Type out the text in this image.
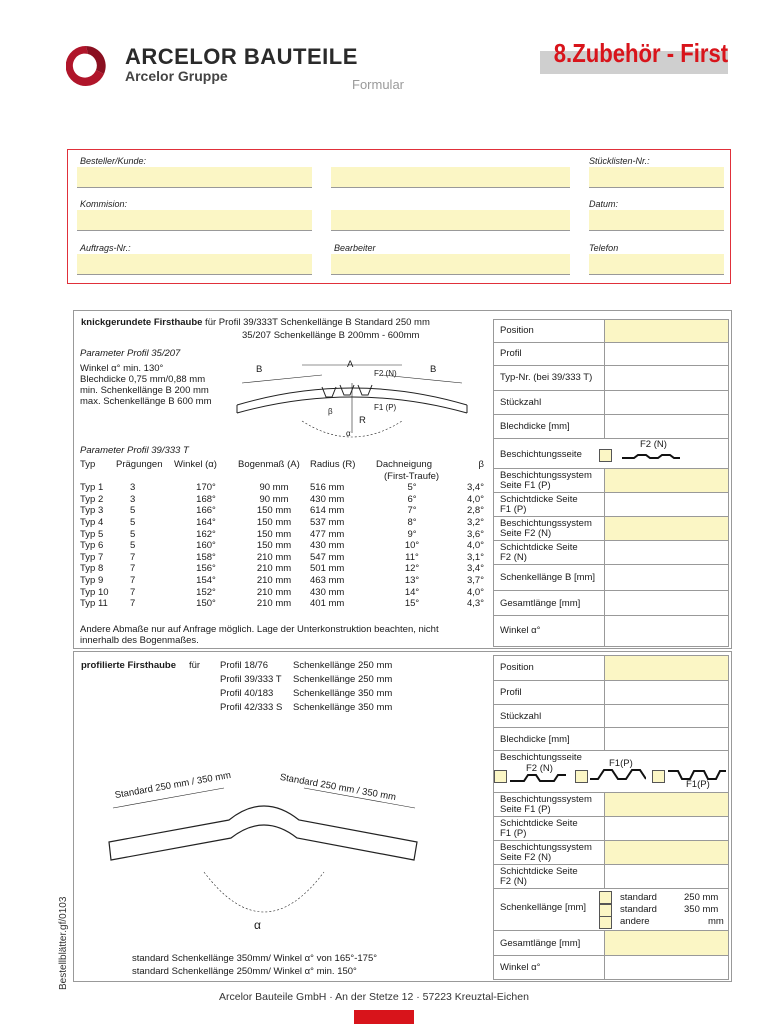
ARCELOR BAUTEILE
Arcelor Gruppe
8.Zubehör - First
Formular
Besteller/Kunde:	Stücklisten-Nr.:
Kommision:	Datum:
Auftrags-Nr.:	Bearbeiter	Telefon
knickgerundete Firsthaube für Profil 39/333T Schenkellänge B Standard 250 mm
35/207 Schenkellänge B 200mm - 600mm
Parameter Profil 35/207
Winkel α° min. 130°
Blechdicke 0,75 mm/0,88 mm
min. Schenkellänge B 200 mm
max. Schenkellänge B 600 mm
B	A	B
F2 (N)
F1 (P)
β
R
α
Parameter Profil 39/333 T
Typ	Prägungen	Winkel (α)	Bogenmaß (A)	Radius (R)	Dachneigung	β
					(First-Traufe)	
Typ 1	3	170°	90 mm	516 mm	5°	3,4°
Typ 2	3	168°	90 mm	430 mm	6°	4,0°
Typ 3	5	166°	150 mm	614 mm	7°	2,8°
Typ 4	5	164°	150 mm	537 mm	8°	3,2°
Typ 5	5	162°	150 mm	477 mm	9°	3,6°
Typ 6	5	160°	150 mm	430 mm	10°	4,0°
Typ 7	7	158°	210 mm	547 mm	11°	3,1°
Typ 8	7	156°	210 mm	501 mm	12°	3,4°
Typ 9	7	154°	210 mm	463 mm	13°	3,7°
Typ 10	7	152°	210 mm	430 mm	14°	4,0°
Typ 11	7	150°	210 mm	401 mm	15°	4,3°
Andere Abmaße nur auf Anfrage möglich. Lage der Unterkonstruktion beachten, nicht innerhalb des Bogenmaßes.
Position
Profil
Typ-Nr. (bei 39/333 T)
Stückzahl
Blechdicke [mm]
Beschichtungsseite
F2 (N)
Beschichtungssystem Seite F1 (P)
Schichtdicke Seite F1 (P)
Beschichtungssystem Seite F2 (N)
Schichtdicke Seite F2 (N)
Schenkellänge B [mm]
Gesamtlänge [mm]
Winkel α°
profilierte Firsthaube für Profil 18/76	Schenkellänge 250 mm
Profil 39/333 T Schenkellänge 250 mm
Profil 40/183 Schenkellänge 350 mm
Profil 42/333 S Schenkellänge 350 mm
Standard 250 mm / 350 mm	Standard 250 mm / 350 mm
α
standard Schenkellänge 350mm/ Winkel α° von 165°-175°
standard Schenkellänge 250mm/ Winkel α° min. 150°
Position
Profil
Stückzahl
Blechdicke [mm]
Beschichtungsseite
F2 (N)	F1(P)
F1(P)
Beschichtungssystem Seite F1 (P)
Schichtdicke Seite F1 (P)
Beschichtungssystem Seite F2 (N)
Schichtdicke Seite F2 (N)
Schenkellänge [mm]
standard	250 mm
standard	350 mm
andere	mm
Gesamtlänge [mm]
Winkel α°
Bestellblätter.gf/0103
Arcelor Bauteile GmbH · An der Stetze 12 · 57223 Kreuztal-Eichen
